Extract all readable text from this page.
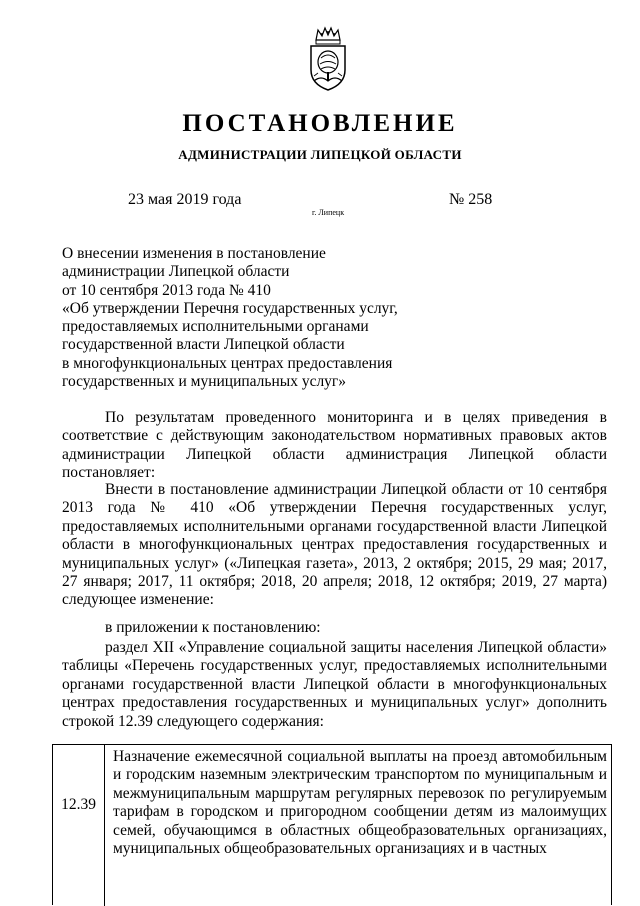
ПОСТАНОВЛЕНИЕ
АДМИНИСТРАЦИИ ЛИПЕЦКОЙ ОБЛАСТИ
23 мая 2019 года
г. Липецк
№ 258
О внесении изменения в постановление
администрации Липецкой области
от 10 сентября 2013 года № 410
«Об утверждении Перечня государственных услуг,
предоставляемых исполнительными органами
государственной власти Липецкой области
в многофункциональных центрах предоставления
государственных и муниципальных услуг»

По результатам проведенного мониторинга и в целях приведения в соответствие с действующим законодательством нормативных правовых актов администрации Липецкой области администрация Липецкой области постановляет:

Внести в постановление администрации Липецкой области от 10 сентября 2013 года № 410 «Об утверждении Перечня государственных услуг, предоставляемых исполнительными органами государственной власти Липецкой области в многофункциональных центрах предоставления государственных и муниципальных услуг» («Липецкая газета», 2013, 2 октября; 2015, 29 мая; 2017, 27 января; 2017, 11 октября; 2018, 20 апреля; 2018, 12 октября; 2019, 27 марта) следующее изменение:

в приложении к постановлению:

раздел XII «Управление социальной защиты населения Липецкой области» таблицы «Перечень государственных услуг, предоставляемых исполнительными органами государственной власти Липецкой области в многофункциональных центрах предоставления государственных и муниципальных услуг» дополнить строкой 12.39 следующего содержания:

12.39

Назначение ежемесячной социальной выплаты на проезд автомобильным и городским наземным электрическим транспортом по муниципальным и межмуниципальным маршрутам регулярных перевозок по регулируемым тарифам в городском и пригородном сообщении детям из малоимущих семей, обучающимся в областных общеобразовательных организациях, муниципальных общеобразовательных организациях и в частных
